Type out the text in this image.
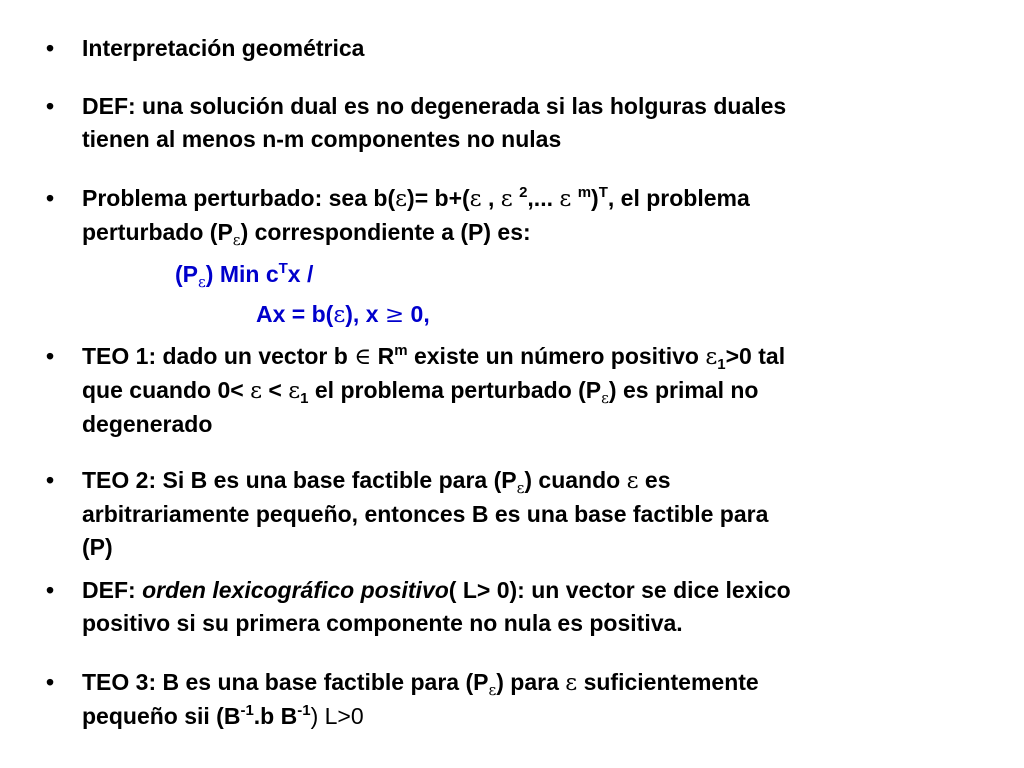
• Interpretación geométrica
• DEF: una solución dual es no degenerada si las holguras duales
tienen al menos n-m componentes no nulas
• Problema perturbado: sea b(ε)= b+(ε , ε $^2$,... ε $^m$)$^T$, el problema
perturbado $(P_\varepsilon)$ correspondiente a (P) es:
$(P_\varepsilon)$ Min $c^Tx$ /
Ax = b(ε), x ≥ 0,
• TEO 1: dado un vector b ∈ $R^m$ existe un número positivo $\varepsilon_1>0$ tal
que cuando $0< \varepsilon < \varepsilon_1$ el problema perturbado $(P_\varepsilon)$ es primal no
degenerado
• TEO 2: Si B es una base factible para $(P_\varepsilon)$ cuando ε es
arbitrariamente pequeño, entonces B es una base factible para
(P)
• DEF: orden lexicográfico positivo( L> 0): un vector se dice lexico
positivo si su primera componente no nula es positiva.
• TEO 3: B es una base factible para $(P_\varepsilon)$ para ε suficientemente
pequeño sii ($B^{-1}.b$ $B^{-1}$) L>0
